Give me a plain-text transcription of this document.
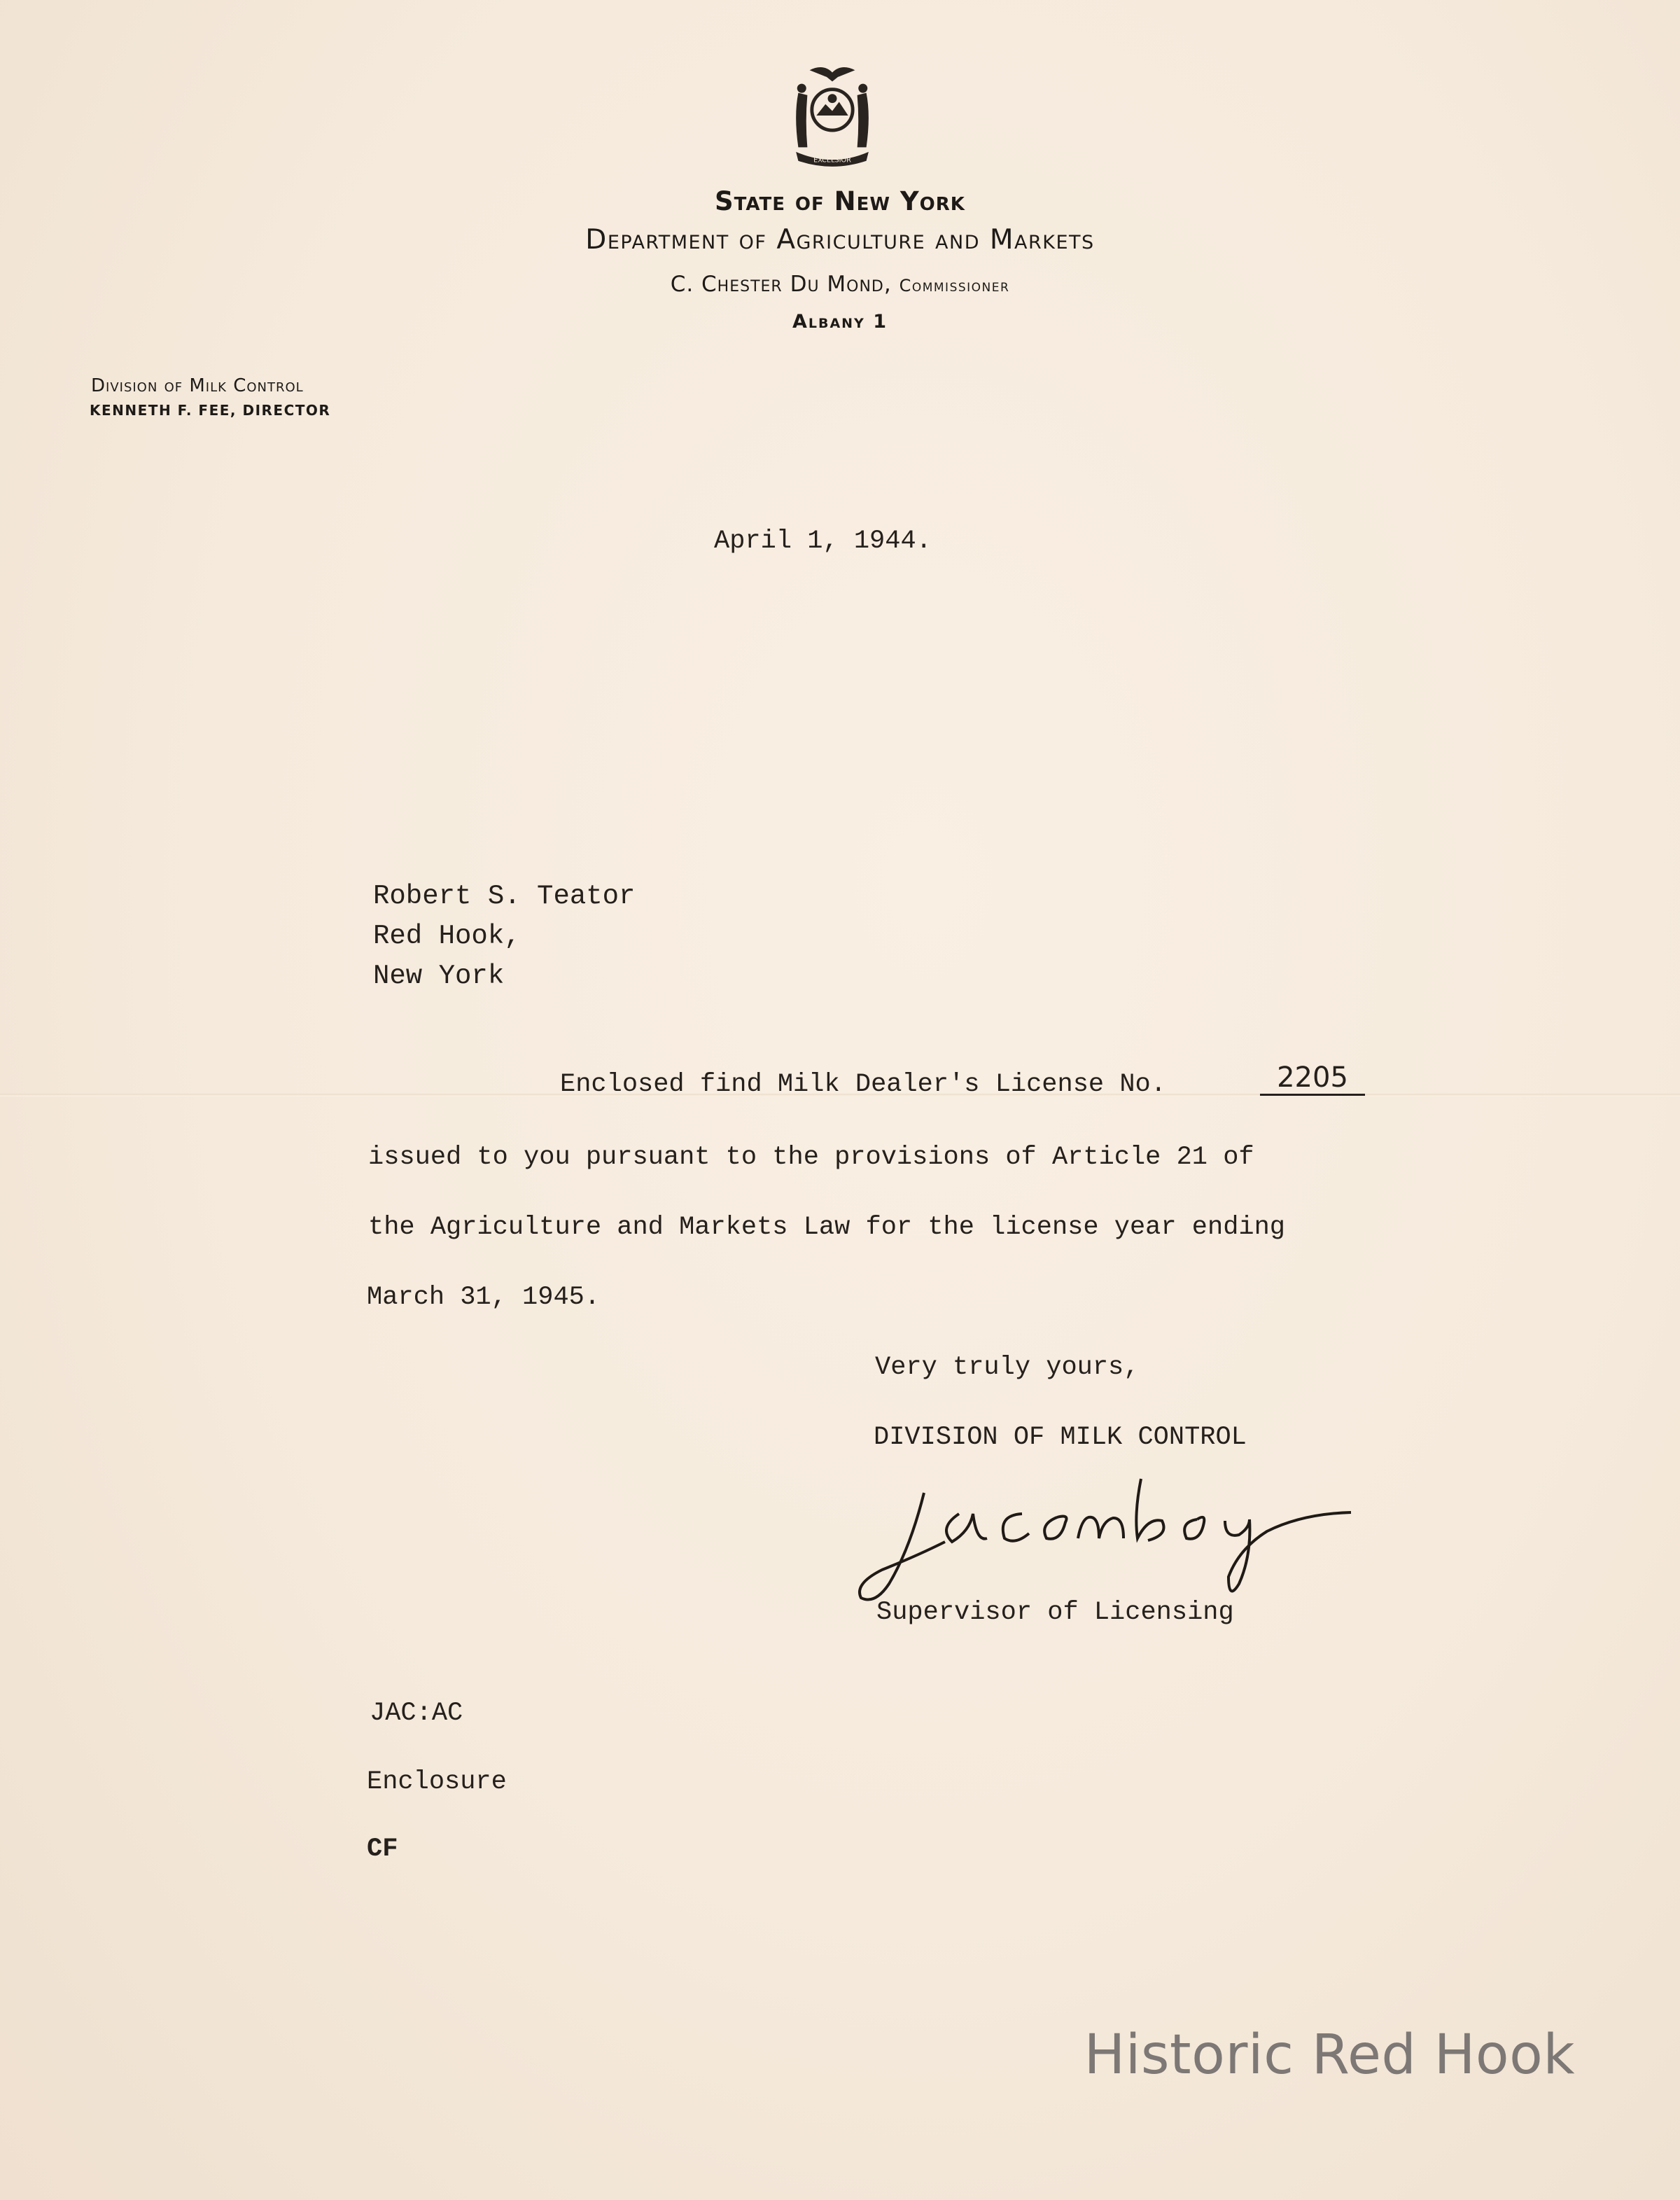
EXCELSIOR
State of New York
Department of Agriculture and Markets
C. Chester Du Mond, Commissioner
Albany 1
Division of Milk Control
KENNETH F. FEE, DIRECTOR
April 1, 1944.
Robert S. Teator
Red Hook,
New York
Enclosed find Milk Dealer's License No.	2205
issued to you pursuant to the provisions of Article 21 of
the Agriculture and Markets Law for the license year ending
March 31, 1945.
Very truly yours,
DIVISION OF MILK CONTROL
Supervisor of Licensing
JAC:AC
Enclosure
CF
Historic Red Hook
